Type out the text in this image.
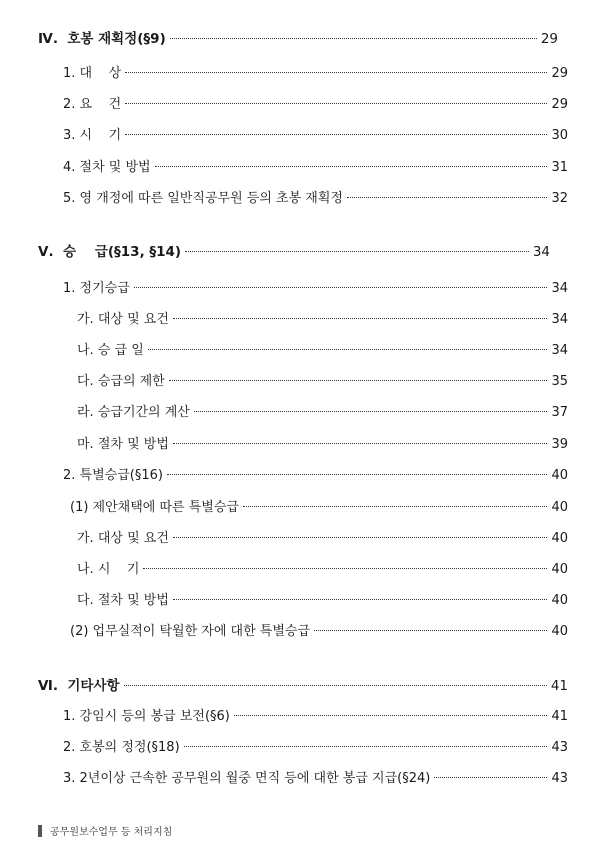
Ⅳ.  호봉 재획정(§9)	29
1. 대    상	29
2. 요    건	29
3. 시    기	30
4. 절차 및 방법	31
5. 영 개정에 따른 일반직공무원 등의 초봉 재획정	32
Ⅴ.  승    급(§13, §14)	34
1. 정기승급	34
가. 대상 및 요건	34
나. 승 급 일	34
다. 승급의 제한	35
라. 승급기간의 계산	37
마. 절차 및 방법	39
2. 특별승급(§16)	40
(1) 제안채택에 따른 특별승급	40
가. 대상 및 요건	40
나. 시    기	40
다. 절차 및 방법	40
(2) 업무실적이 탁월한 자에 대한 특별승급	40
Ⅵ.  기타사항	41
1. 강임시 등의 봉급 보전(§6)	41
2. 호봉의 정정(§18)	43
3. 2년이상 근속한 공무원의 월중 면직 등에 대한 봉급 지급(§24)	43
공무원보수업무 등 처리지침
